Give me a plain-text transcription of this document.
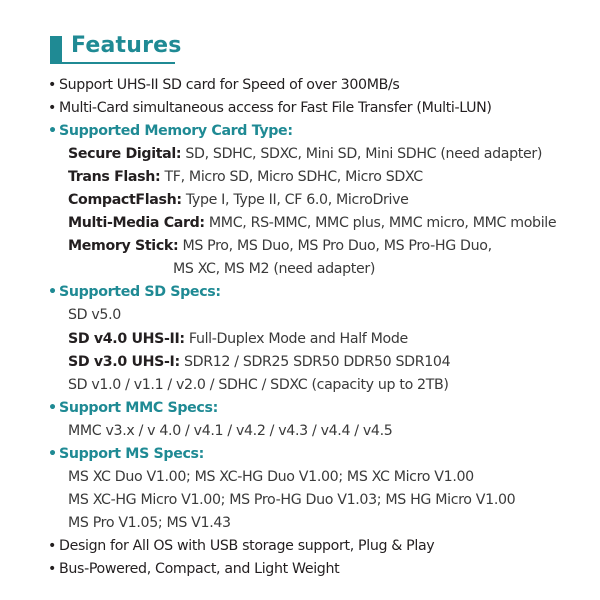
Features
• Support UHS-II SD card for Speed of over 300MB/s
• Multi-Card simultaneous access for Fast File Transfer (Multi-LUN)
• Supported Memory Card Type:
Secure Digital: SD, SDHC, SDXC, Mini SD, Mini SDHC (need adapter)
Trans Flash: TF, Micro SD, Micro SDHC, Micro SDXC
CompactFlash: Type I, Type II, CF 6.0, MicroDrive
Multi-Media Card: MMC, RS-MMC, MMC plus, MMC micro, MMC mobile
Memory Stick: MS Pro, MS Duo, MS Pro Duo, MS Pro-HG Duo,
MS XC, MS M2 (need adapter)
• Supported SD Specs:
SD v5.0
SD v4.0 UHS-II: Full-Duplex Mode and Half Mode
SD v3.0 UHS-I: SDR12 / SDR25 SDR50 DDR50 SDR104
SD v1.0 / v1.1 / v2.0 / SDHC / SDXC (capacity up to 2TB)
• Support MMC Specs:
MMC v3.x / v 4.0 / v4.1 / v4.2 / v4.3 / v4.4 / v4.5
• Support MS Specs:
MS XC Duo V1.00; MS XC-HG Duo V1.00; MS XC Micro V1.00
MS XC-HG Micro V1.00; MS Pro-HG Duo V1.03; MS HG Micro V1.00
MS Pro V1.05; MS V1.43
• Design for All OS with USB storage support, Plug & Play
• Bus-Powered, Compact, and Light Weight
